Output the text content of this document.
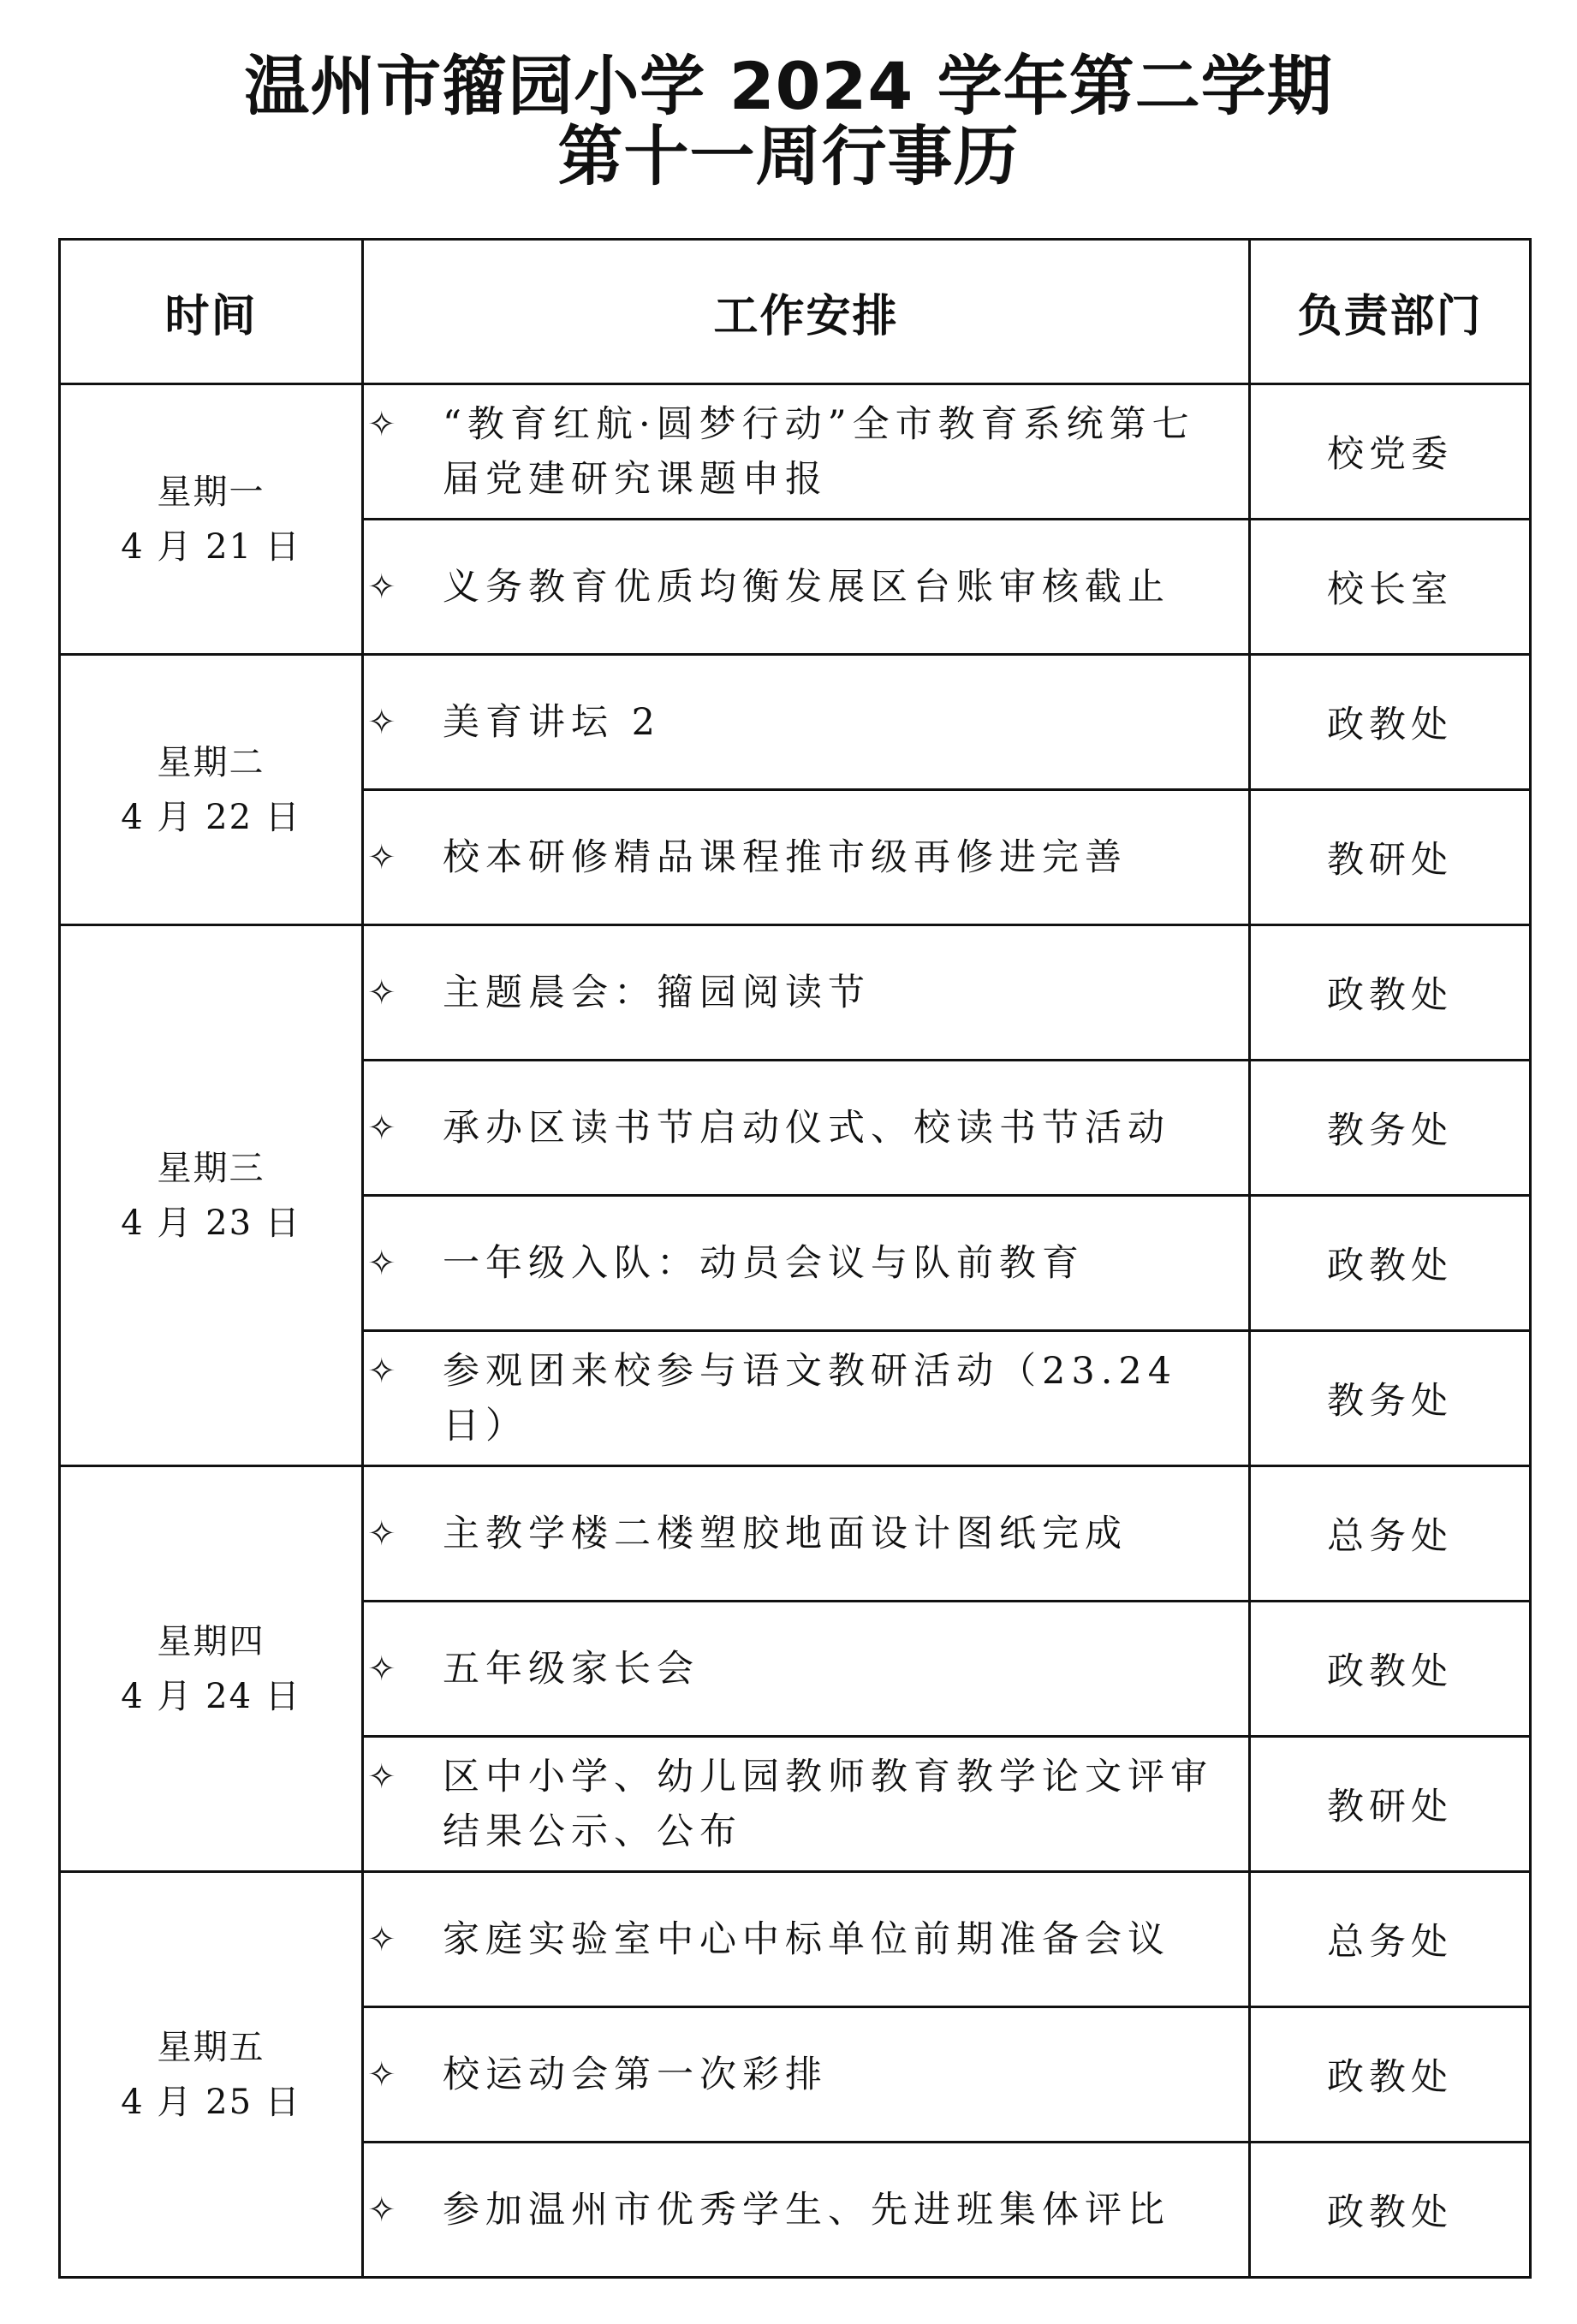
温州市籀园小学 2024 学年第二学期
第十一周行事历
时间	工作安排	负责部门

星期一
4 月 21 日	✧ “教育红航·圆梦行动”全市教育系统第七届党建研究课题申报	校党委

	✧ 义务教育优质均衡发展区台账审核截止	校长室

星期二
4 月 22 日	✧ 美育讲坛 2	政教处

	✧ 校本研修精品课程推市级再修进完善	教研处

星期三
4 月 23 日	✧ 主题晨会：籀园阅读节	政教处

	✧ 承办区读书节启动仪式、校读书节活动	教务处

	✧ 一年级入队：动员会议与队前教育	政教处

	✧ 参观团来校参与语文教研活动（23.24 日）	教务处

星期四
4 月 24 日	✧ 主教学楼二楼塑胶地面设计图纸完成	总务处

	✧ 五年级家长会	政教处

	✧ 区中小学、幼儿园教师教育教学论文评审结果公示、公布	教研处

星期五
4 月 25 日	✧ 家庭实验室中心中标单位前期准备会议	总务处

	✧ 校运动会第一次彩排	政教处

	✧ 参加温州市优秀学生、先进班集体评比	政教处
